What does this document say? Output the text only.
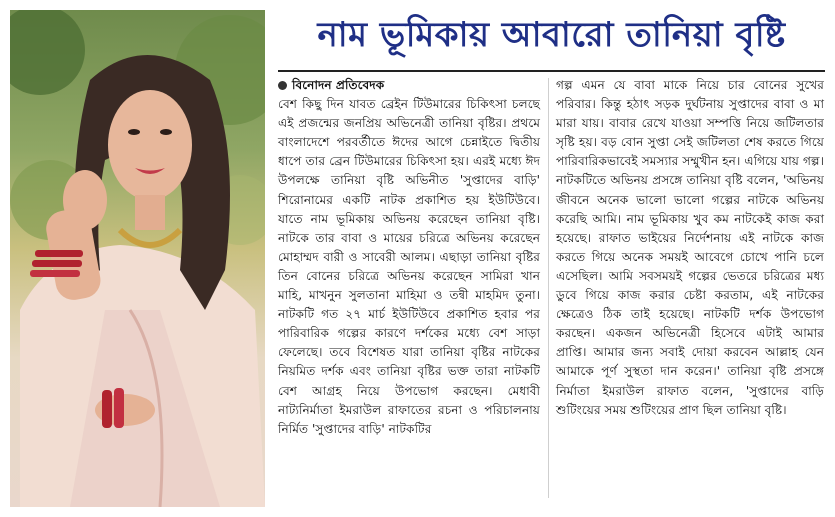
নাম ভূমিকায় আবারো তানিয়া বৃষ্টি
বিনোদন প্রতিবেদক
বেশ কিছু দিন যাবত ব্রেইন টিউমারের চিকিৎসা চলছে এই প্রজন্মের জনপ্রিয় অভিনেত্রী তানিয়া বৃষ্টির। প্রথমে বাংলাদেশে পরবর্তীতে ঈদের আগে চেন্নাইতে দ্বিতীয় ধাপে তার ব্রেন টিউমারের চিকিৎসা হয়। এরই মধ্যে ঈদ উপলক্ষে তানিয়া বৃষ্টি অভিনীত 'সুপ্তাদের বাড়ি' শিরোনামের একটি নাটক প্রকাশিত হয় ইউটিউবে। যাতে নাম ভূমিকায় অভিনয় করেছেন তানিয়া বৃষ্টি। নাটকে তার বাবা ও মায়ের চরিত্রে অভিনয় করেছেন মোহাম্মদ বারী ও সাবেরী আলম। এছাড়া তানিয়া বৃষ্টির তিন বোনের চরিত্রে অভিনয় করেছেন সামিরা খান মাহি, মাখনুন সুলতানা মাহিমা ও তন্বী মাহমিদ তুনা। নাটকটি গত ২৭ মার্চ ইউটিউবে প্রকাশিত হবার পর পারিবারিক গল্পের কারণে দর্শকের মধ্যে বেশ সাড়া ফেলেছে। তবে বিশেষত যারা তানিয়া বৃষ্টির নাটকের নিয়মিত দর্শক এবং তানিয়া বৃষ্টির ভক্ত তারা নাটকটি বেশ আগ্রহ নিয়ে উপভোগ করছেন। মেধাবী নাট্যনির্মাতা ইমরাউল রাফাতের রচনা ও পরিচালনায় নির্মিত 'সুপ্তাদের বাড়ি' নাটকটির
গল্প এমন যে বাবা মাকে নিয়ে চার বোনের সুখের পরিবার। কিন্তু হঠাৎ সড়ক দুর্ঘটনায় সুপ্তাদের বাবা ও মা মারা যায়। বাবার রেখে যাওয়া সম্পত্তি নিয়ে জটিলতার সৃষ্টি হয়। বড় বোন সুপ্তা সেই জটিলতা শেষ করতে গিয়ে পারিবারিকভাবেই সমস্যার সম্মুখীন হন। এগিয়ে যায় গল্প। নাটকটিতে অভিনয় প্রসঙ্গে তানিয়া বৃষ্টি বলেন, 'অভিনয় জীবনে অনেক ভালো ভালো গল্পের নাটকে অভিনয় করেছি আমি। নাম ভূমিকায় খুব কম নাটকেই কাজ করা হয়েছে। রাফাত ভাইয়ের নির্দেশনায় এই নাটকে কাজ করতে গিয়ে অনেক সময়ই আবেগে চোখে পানি চলে এসেছিল। আমি সবসময়ই গল্পের ভেতরে চরিত্রের মধ্য ডুবে গিয়ে কাজ করার চেষ্টা করতাম, এই নাটকের ক্ষেত্রেও ঠিক তাই হয়েছে। নাটকটি দর্শক উপভোগ করছেন। একজন অভিনেত্রী হিসেবে এটাই আমার প্রাপ্তি। আমার জন্য সবাই দোয়া করবেন আল্লাহ যেন আমাকে পূর্ণ সুস্থতা দান করেন।' তানিয়া বৃষ্টি প্রসঙ্গে নির্মাতা ইমরাউল রাফাত বলেন, 'সুপ্তাদের বাড়ি শুটিংয়ের সময় শুটিংয়ের প্রাণ ছিল তানিয়া বৃষ্টি।
